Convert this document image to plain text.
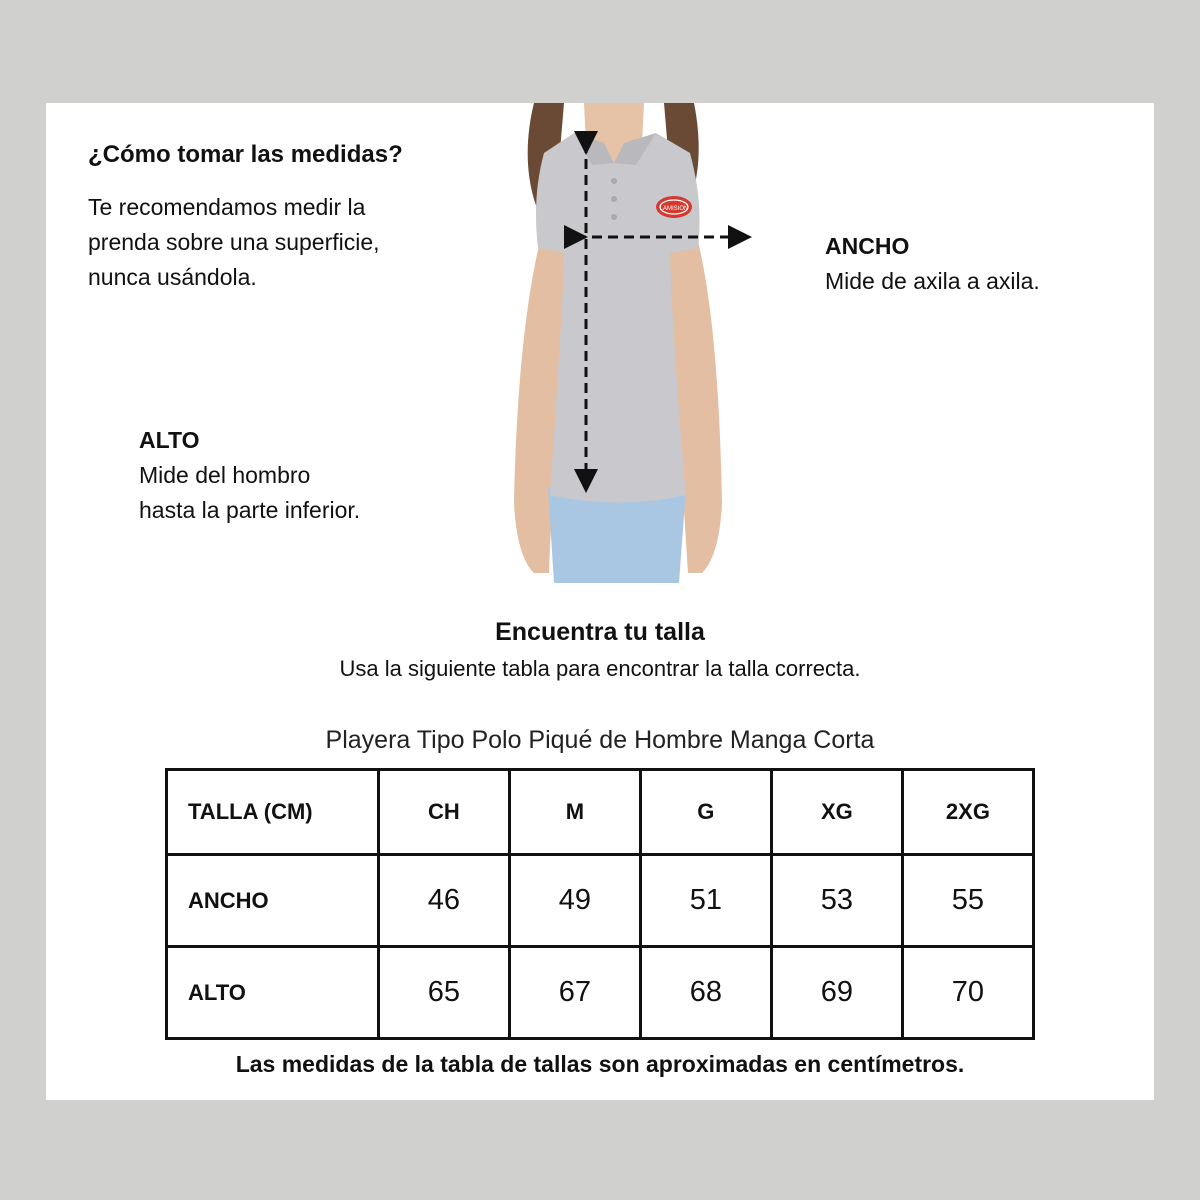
¿Cómo tomar las medidas?
Te recomendamos medir la
prenda sobre una superficie,
nunca usándola.
LAMISION
ANCHO
Mide de axila a axila.
ALTO
Mide del hombro
hasta la parte inferior.
Encuentra tu talla
Usa la siguiente tabla para encontrar la talla correcta.
Playera Tipo Polo Piqué de Hombre Manga Corta
TALLA (CM)	CH	M	G	XG	2XG
ANCHO	46	49	51	53	55
ALTO	65	67	68	69	70
Las medidas de la tabla de tallas son aproximadas en centímetros.
